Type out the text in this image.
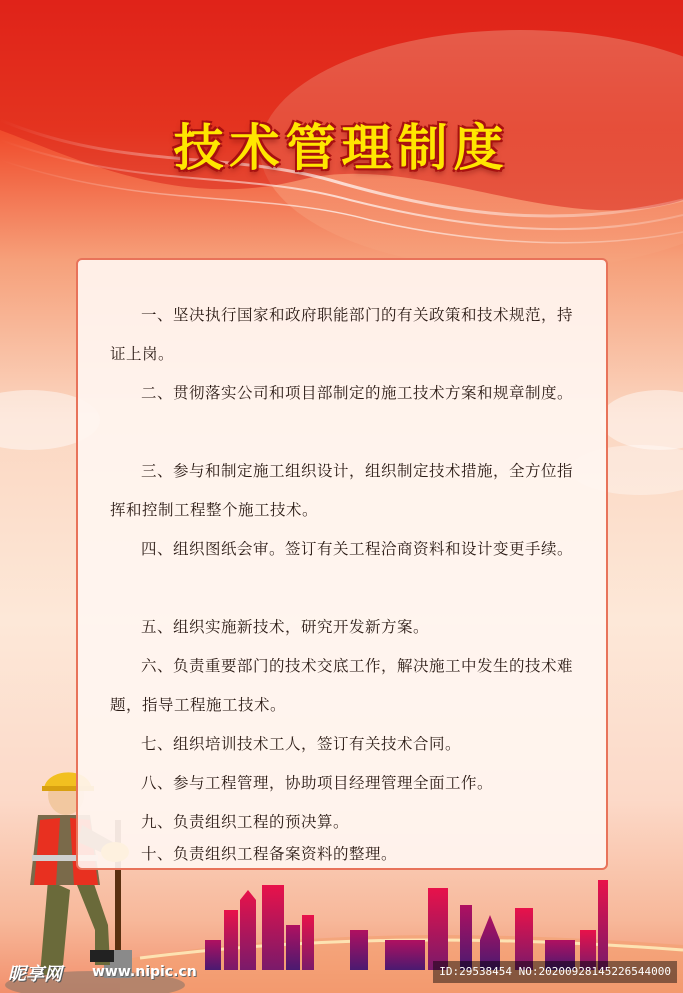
技术管理制度
一、坚决执行国家和政府职能部门的有关政策和技术规范，持证上岗。
二、贯彻落实公司和项目部制定的施工技术方案和规章制度。
三、参与和制定施工组织设计，组织制定技术措施，全方位指挥和控制工程整个施工技术。
四、组织图纸会审。签订有关工程洽商资料和设计变更手续。
五、组织实施新技术，研究开发新方案。
六、负责重要部门的技术交底工作，解决施工中发生的技术难题，指导工程施工技术。
七、组织培训技术工人，签订有关技术合同。
八、参与工程管理，协助项目经理管理全面工作。
九、负责组织工程的预决算。
十、负责组织工程备案资料的整理。
昵享网 www.nipic.cn	ID:29538454 NO:20200928145226544000
